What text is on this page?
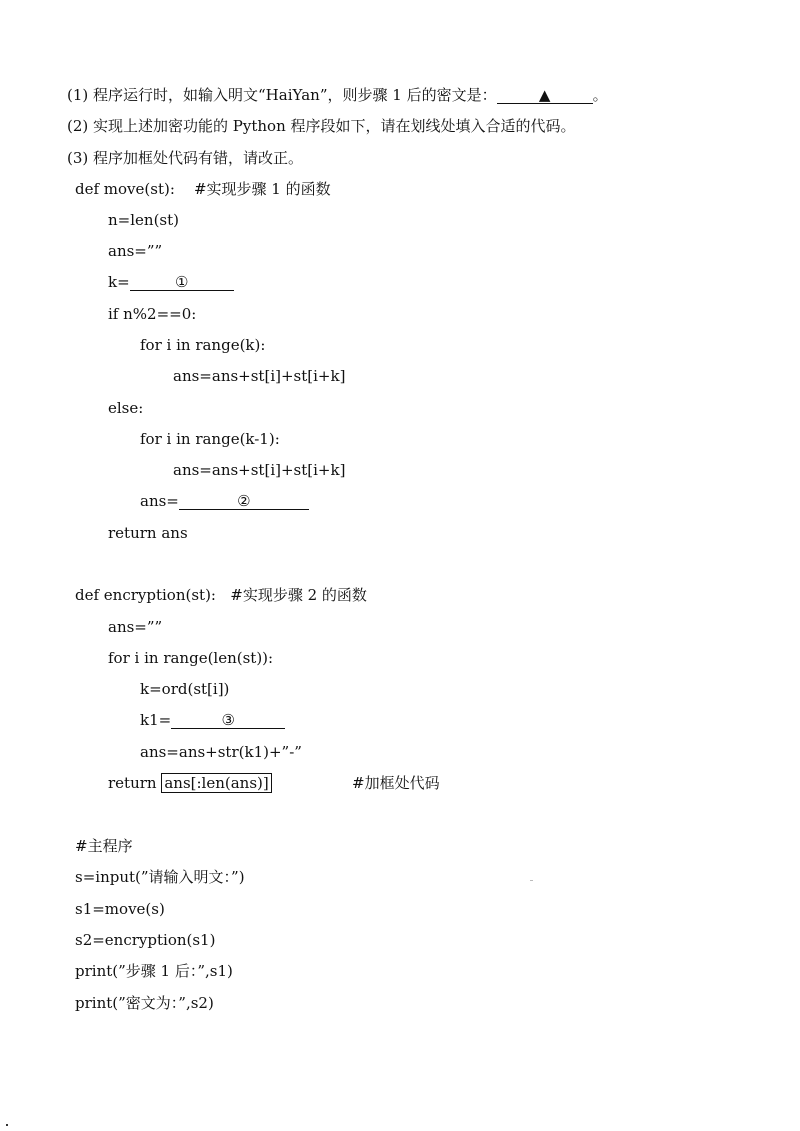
(1) 程序运行时，如输入明文“HaiYan”，则步骤 1 后的密文是：	▲	。
(2) 实现上述加密功能的 Python 程序段如下，请在划线处填入合适的代码。
(3) 程序加框处代码有错，请改正。
def move(st):    #实现步骤 1 的函数
n=len(st)
ans=””
k=	①
if n%2==0:
for i in range(k):
ans=ans+st[i]+st[i+k]
else:
for i in range(k-1):
ans=ans+st[i]+st[i+k]
ans=	②
return ans
def encryption(st):   #实现步骤 2 的函数
ans=””
for i in range(len(st)):
k=ord(st[i])
k1=	③
ans=ans+str(k1)+”-”
return ans[:len(ans)]	#加框处代码
#主程序
s=input(”请输入明文：”)
s1=move(s)
s2=encryption(s1)
print(”步骤 1 后：”,s1)
print(”密文为：”,s2)
